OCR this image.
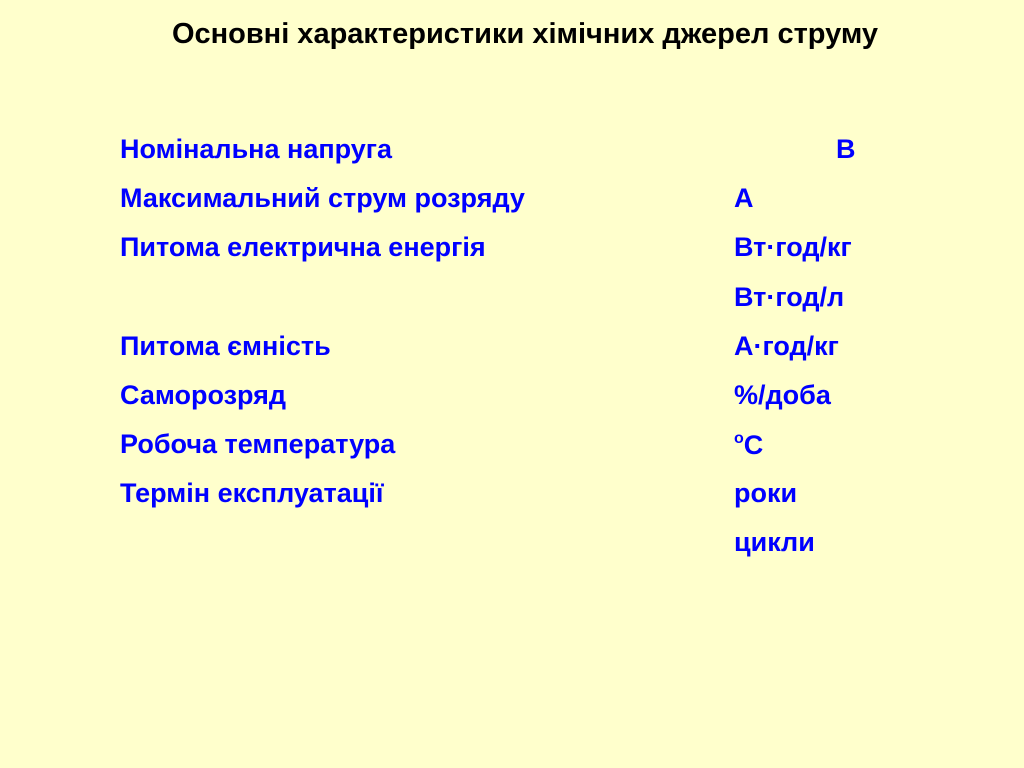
Основні характеристики хімічних джерел струму
Номінальна напруга
Максимальний струм розряду
Питома електрична енергія
Питома ємність
Саморозряд
Робоча температура
Термін експлуатації
В
А
Вт·год/кг
Вт·год/л
А·год/кг
%/доба
$^o$С
роки
цикли
